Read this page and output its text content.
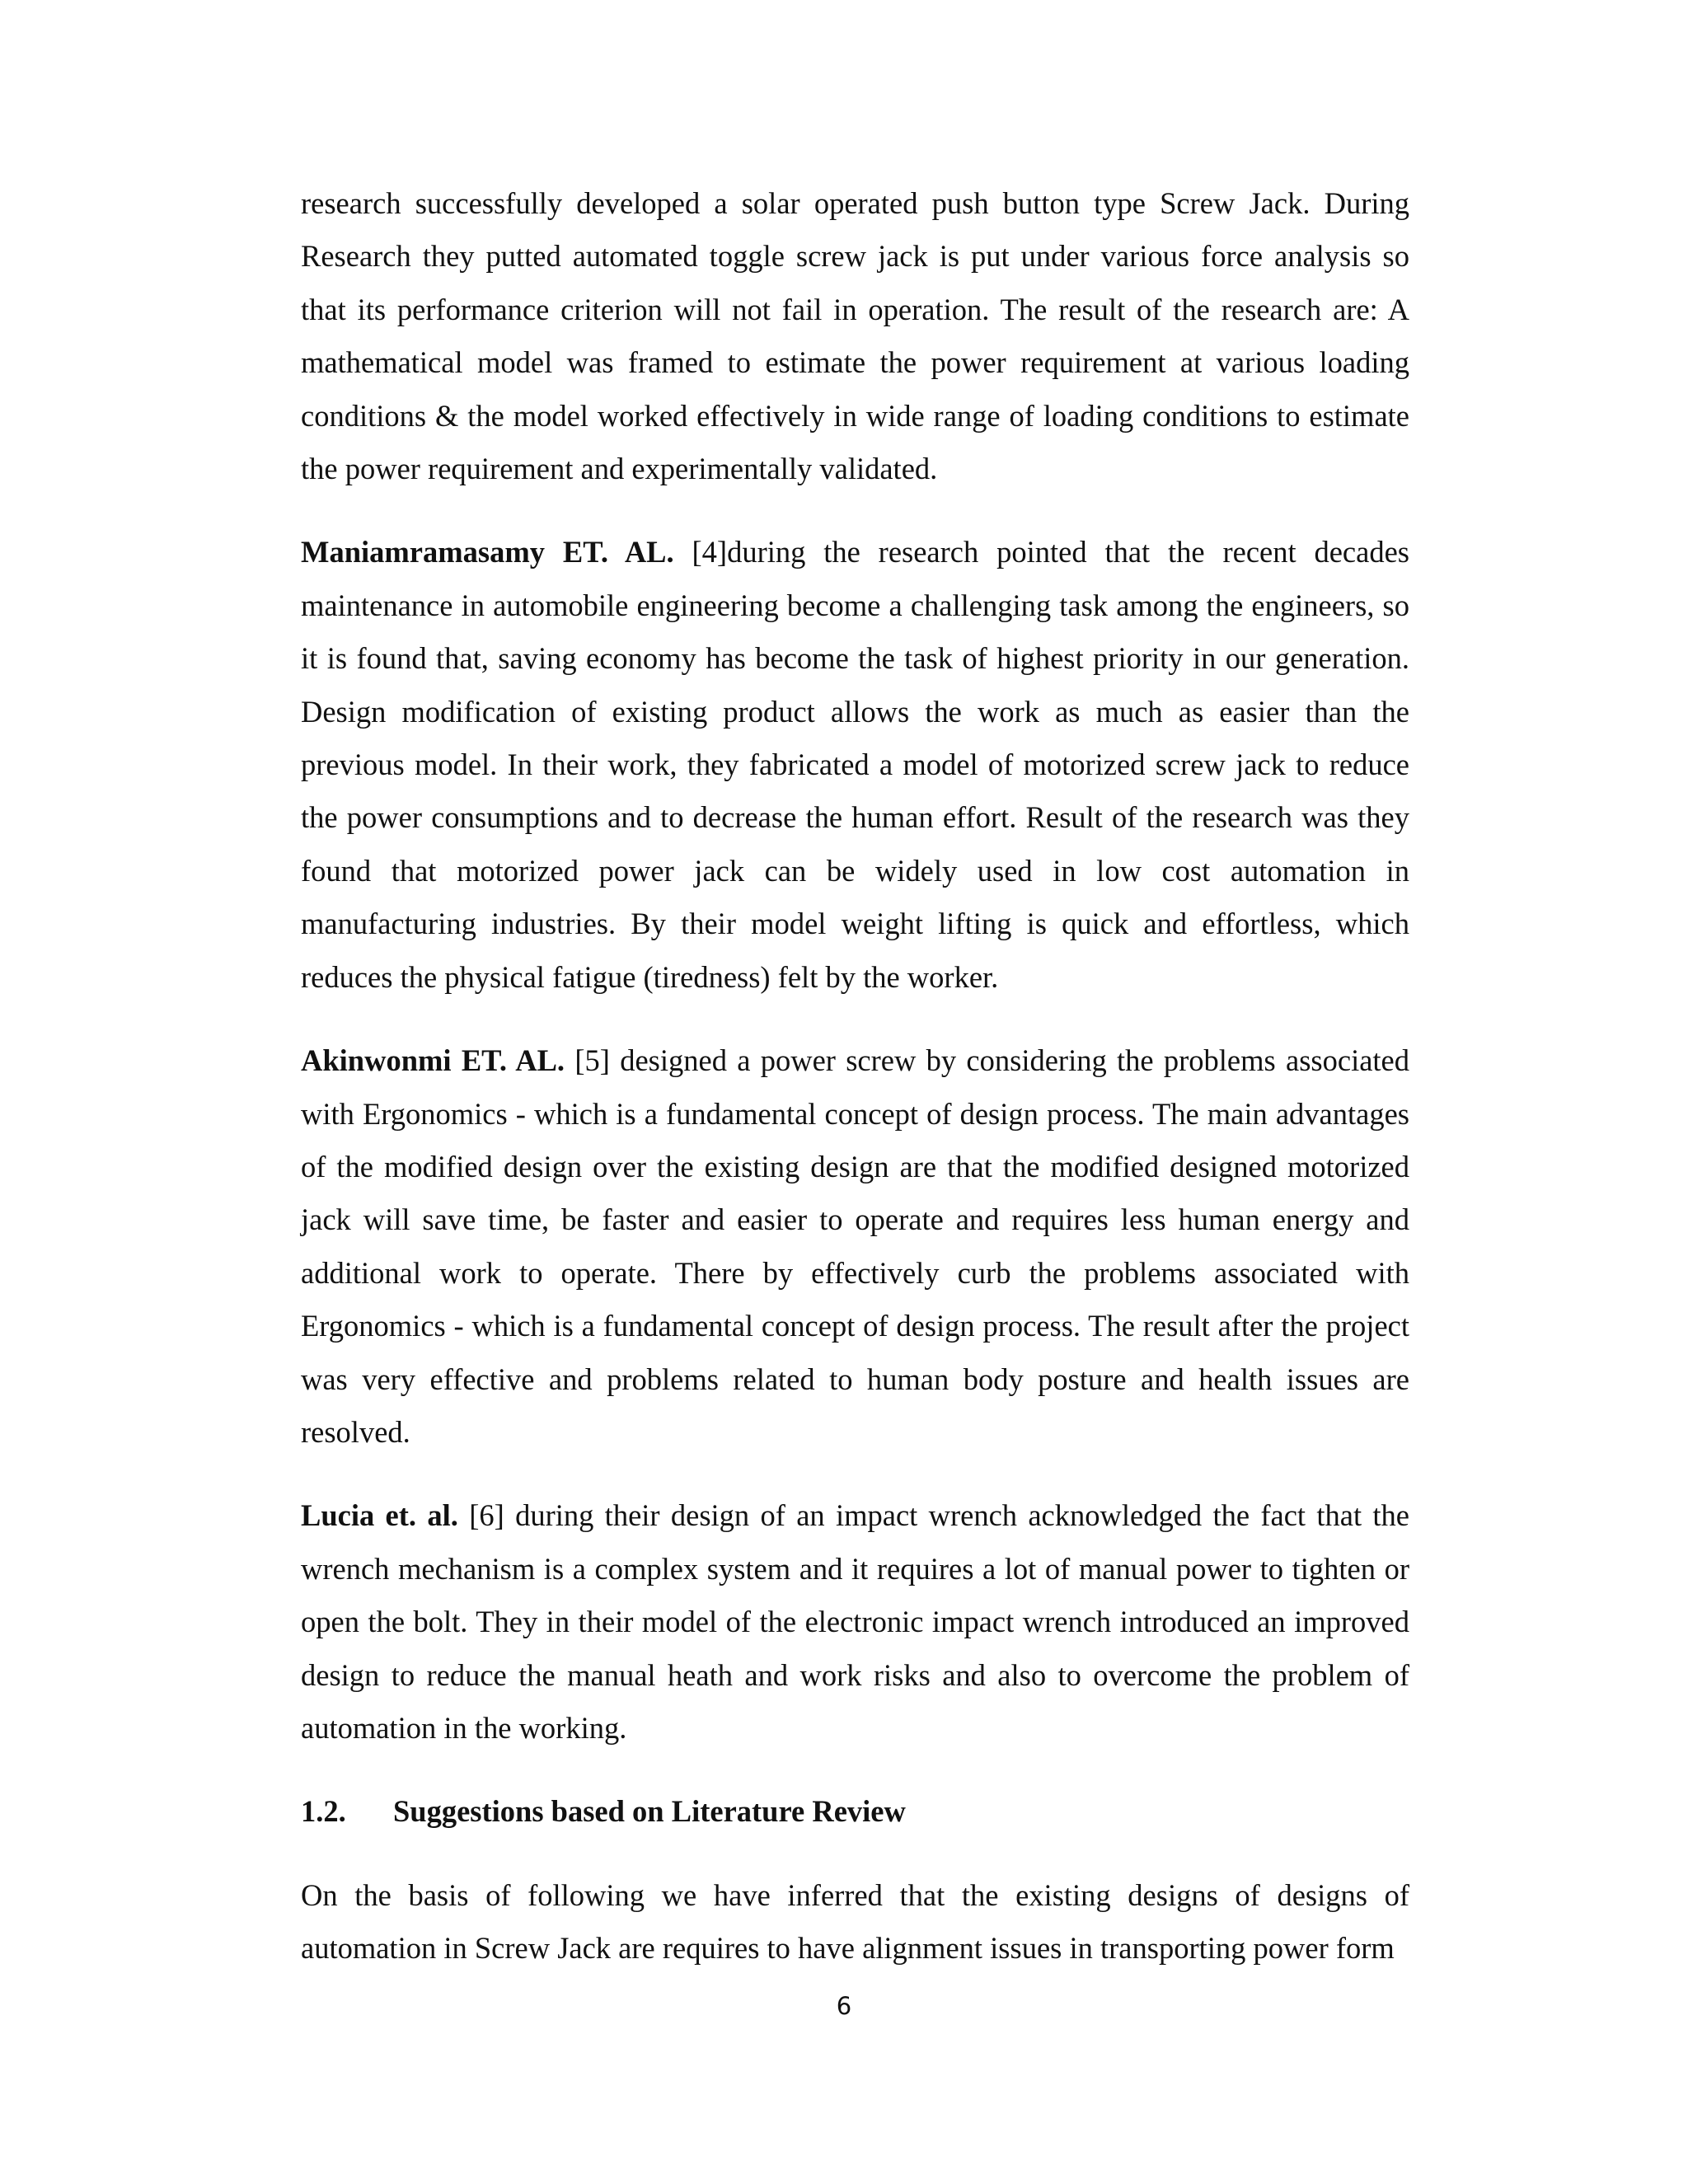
research successfully developed a solar operated push button type Screw Jack. During Research they putted automated toggle screw jack is put under various force analysis so that its performance criterion will not fail in operation. The result of the research are: A mathematical model was framed to estimate the power requirement at various loading conditions & the model worked effectively in wide range of loading conditions to estimate the power requirement and experimentally validated.

Maniamramasamy ET. AL. [4]during the research pointed that the recent decades maintenance in automobile engineering become a challenging task among the engineers, so it is found that, saving economy has become the task of highest priority in our generation. Design modification of existing product allows the work as much as easier than the previous model. In their work, they fabricated a model of motorized screw jack to reduce the power consumptions and to decrease the human effort. Result of the research was they found that motorized power jack can be widely used in low cost automation in manufacturing industries. By their model weight lifting is quick and effortless, which reduces the physical fatigue (tiredness) felt by the worker.

Akinwonmi ET. AL. [5] designed a power screw by considering the problems associated with Ergonomics - which is a fundamental concept of design process. The main advantages of the modified design over the existing design are that the modified designed motorized jack will save time, be faster and easier to operate and requires less human energy and additional work to operate. There by effectively curb the problems associated with Ergonomics - which is a fundamental concept of design process. The result after the project was very effective and problems related to human body posture and health issues are resolved.

Lucia et. al. [6] during their design of an impact wrench acknowledged the fact that the wrench mechanism is a complex system and it requires a lot of manual power to tighten or open the bolt. They in their model of the electronic impact wrench introduced an improved design to reduce the manual heath and work risks and also to overcome the problem of automation in the working.

1.2. Suggestions based on Literature Review

On the basis of following we have inferred that the existing designs of designs of automation in Screw Jack are requires to have alignment issues in transporting power form

6
